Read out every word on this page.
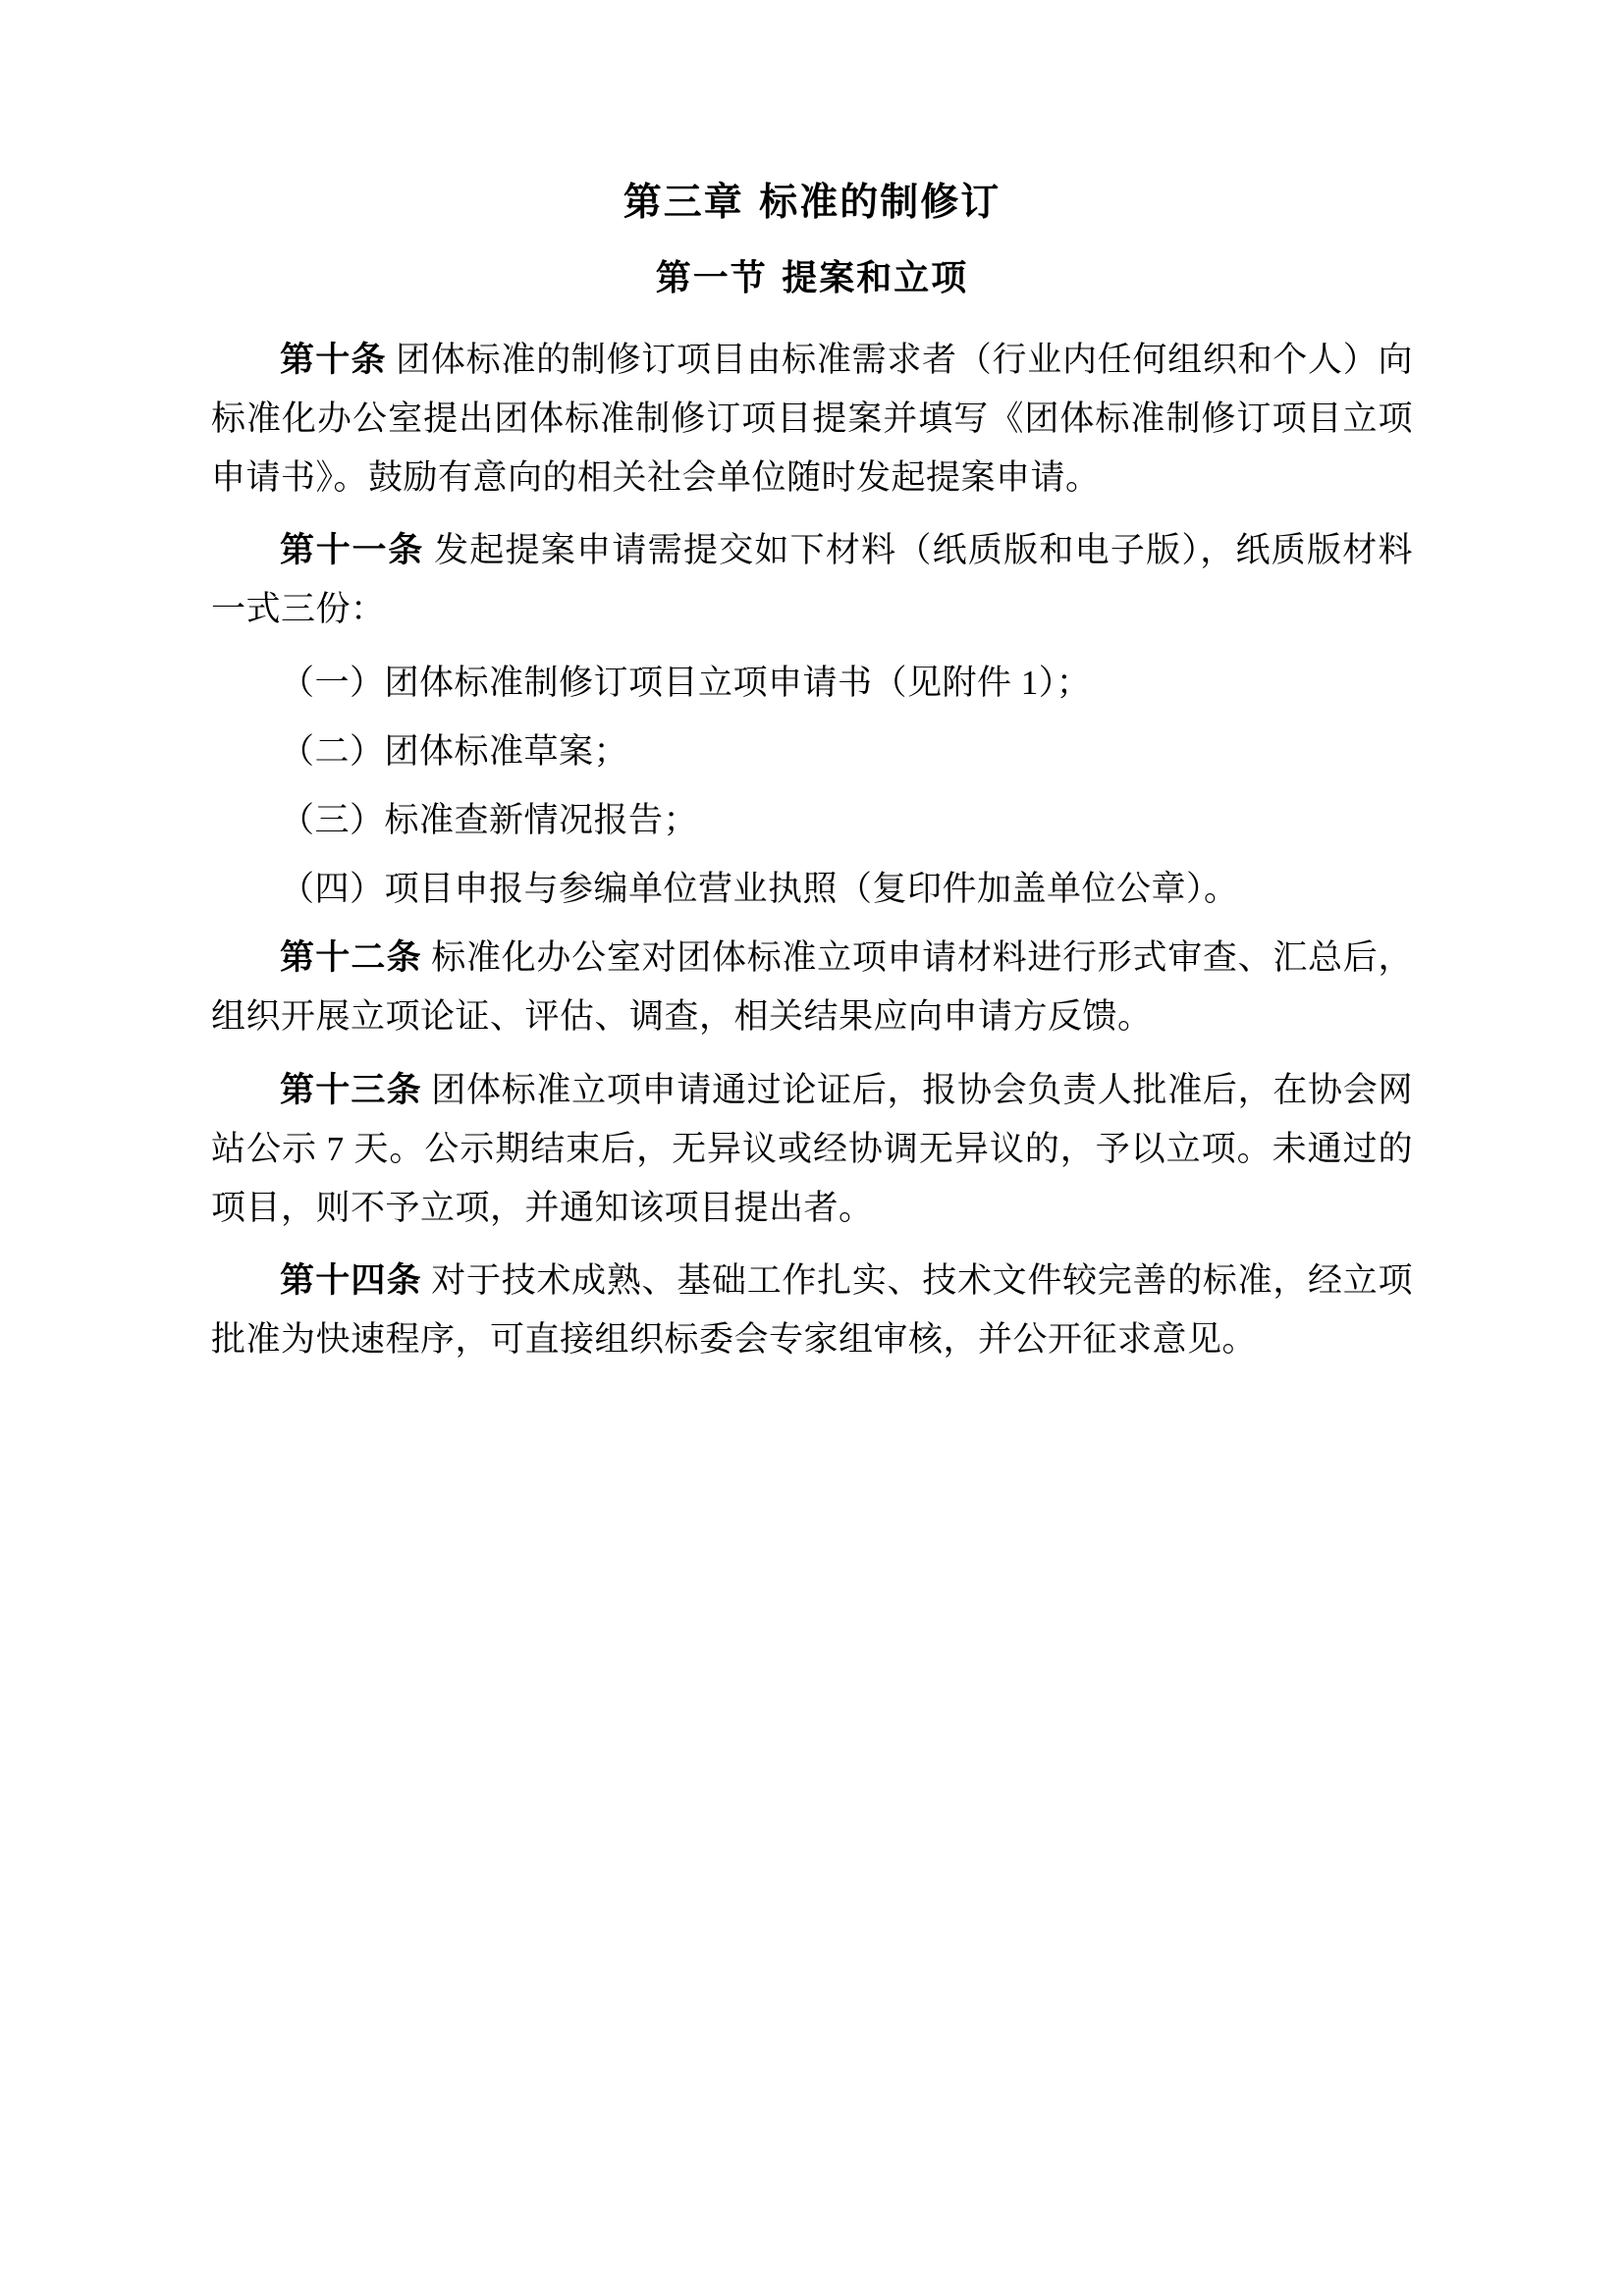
第三章 标准的制修订
第一节 提案和立项

第十条 团体标准的制修订项目由标准需求者（行业内任何组织和个人）向标准化办公室提出团体标准制修订项目提案并填写《团体标准制修订项目立项申请书》。鼓励有意向的相关社会单位随时发起提案申请。

第十一条 发起提案申请需提交如下材料（纸质版和电子版），纸质版材料一式三份：

（一）团体标准制修订项目立项申请书（见附件 1）；

（二）团体标准草案；

（三）标准查新情况报告；

（四）项目申报与参编单位营业执照（复印件加盖单位公章）。

第十二条 标准化办公室对团体标准立项申请材料进行形式审查、汇总后，组织开展立项论证、评估、调查，相关结果应向申请方反馈。

第十三条 团体标准立项申请通过论证后，报协会负责人批准后，在协会网站公示 7 天。公示期结束后，无异议或经协调无异议的，予以立项。未通过的项目，则不予立项，并通知该项目提出者。

第十四条 对于技术成熟、基础工作扎实、技术文件较完善的标准，经立项批准为快速程序，可直接组织标委会专家组审核，并公开征求意见。
